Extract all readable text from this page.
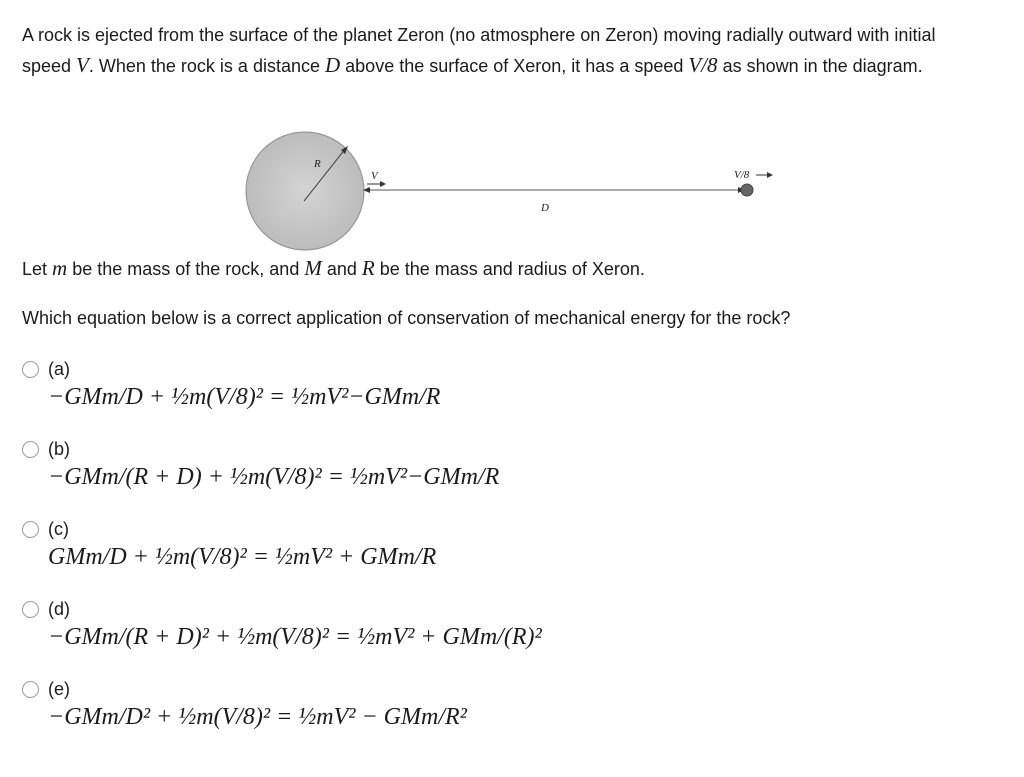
A rock is ejected from the surface of the planet Zeron (no atmosphere on Zeron) moving radially outward with initial speed V. When the rock is a distance D above the surface of Xeron, it has a speed V/8 as shown in the diagram.

R
V
D
V/8

Let m be the mass of the rock, and M and R be the mass and radius of Xeron.

Which equation below is a correct application of conservation of mechanical energy for the rock?

(a)
−GMm/D + ½m(V/8)² = ½mV²−GMm/R
(b)
−GMm/(R + D) + ½m(V/8)² = ½mV²−GMm/R
(c)
GMm/D + ½m(V/8)² = ½mV² + GMm/R
(d)
−GMm/(R + D)² + ½m(V/8)² = ½mV² + GMm/(R)²
(e)
−GMm/D² + ½m(V/8)² = ½mV² − GMm/R²
